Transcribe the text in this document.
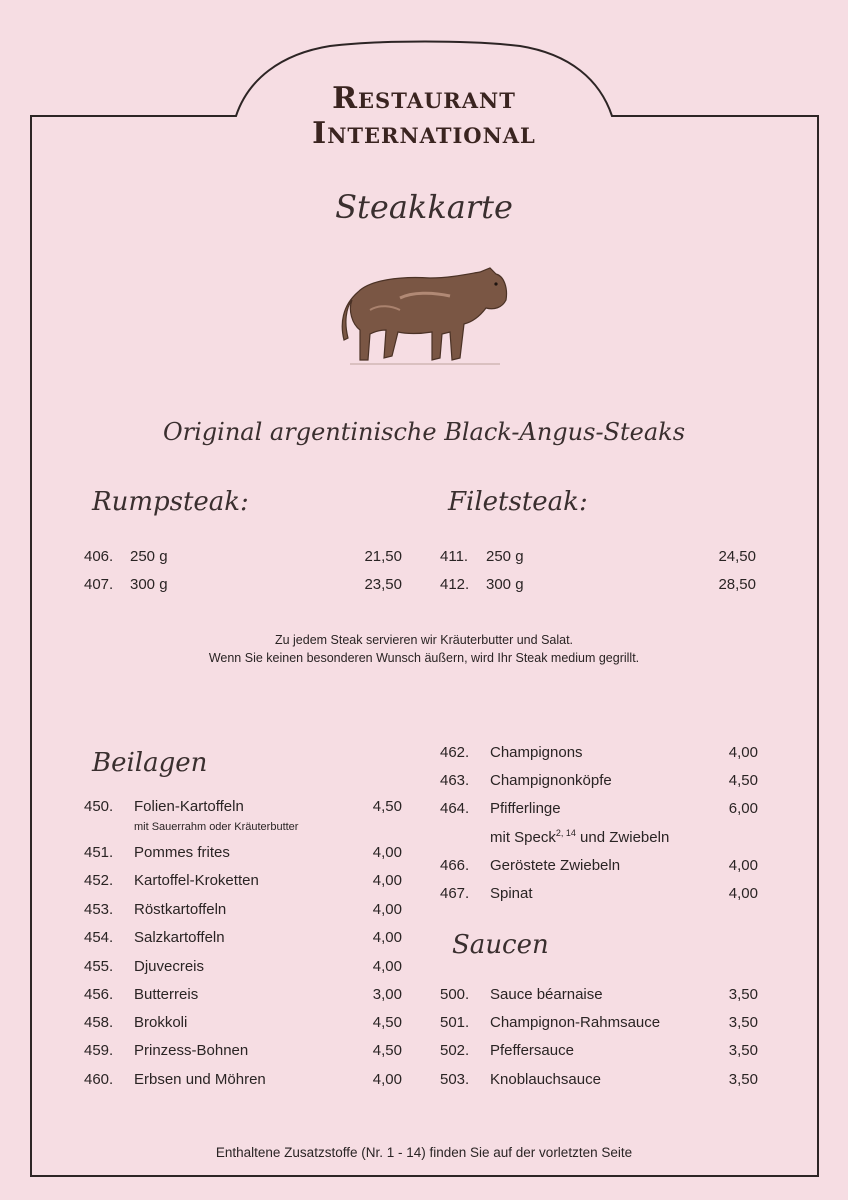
Restaurant
International
Steakkarte
Original argentinische Black-Angus-Steaks
Rumpsteak:	Filetsteak:
406. 250 g	21,50
407. 300 g	23,50
411. 250 g	24,50
412. 300 g	28,50
Zu jedem Steak servieren wir Kräuterbutter und Salat.
Wenn Sie keinen besonderen Wunsch äußern, wird Ihr Steak medium gegrillt.
Beilagen
450. Folien-Kartoffeln	4,50
mit Sauerrahm oder Kräuterbutter
451. Pommes frites	4,00
452. Kartoffel-Kroketten	4,00
453. Röstkartoffeln	4,00
454. Salzkartoffeln	4,00
455. Djuvecreis	4,00
456. Butterreis	3,00
458. Brokkoli	4,50
459. Prinzess-Bohnen	4,50
460. Erbsen und Möhren	4,00
462. Champignons	4,00
463. Champignonköpfe	4,50
464. Pfifferlinge	6,00
mit Speck$^{2, 14}$ und Zwiebeln
466. Geröstete Zwiebeln	4,00
467. Spinat	4,00
Saucen
500. Sauce béarnaise	3,50
501. Champignon-Rahmsauce	3,50
502. Pfeffersauce	3,50
503. Knoblauchsauce	3,50
Enthaltene Zusatzstoffe (Nr. 1 - 14) finden Sie auf der vorletzten Seite
